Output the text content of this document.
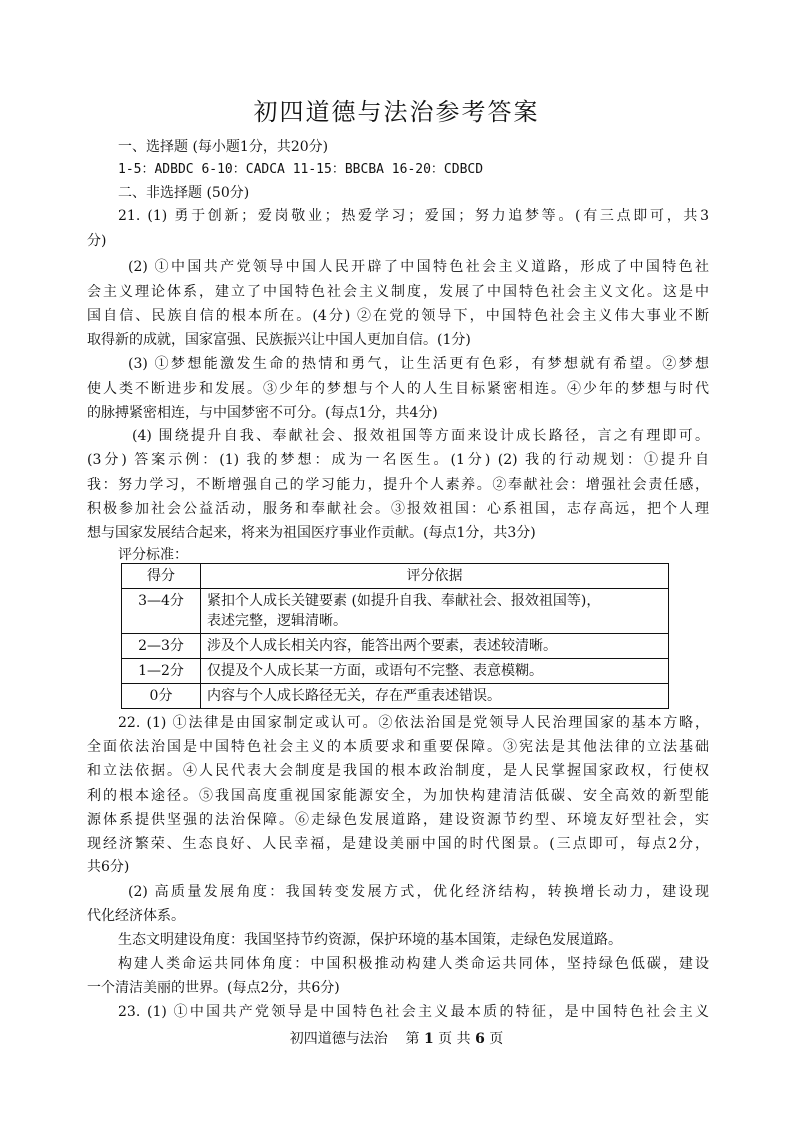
初四道德与法治参考答案
一、选择题 (每小题1分，共20分)
1-5：ADBDC 6-10：CADCA 11-15：BBCBA 16-20：CDBCD
二、非选择题 (50分)
21. (1) 勇于创新；爱岗敬业；热爱学习；爱国；努力追梦等。(有三点即可，共3
分)
(2) ①中国共产党领导中国人民开辟了中国特色社会主义道路，形成了中国特色社
会主义理论体系，建立了中国特色社会主义制度，发展了中国特色社会主义文化。这是中
国自信、民族自信的根本所在。(4分) ②在党的领导下，中国特色社会主义伟大事业不断
取得新的成就，国家富强、民族振兴让中国人更加自信。(1分)
(3) ①梦想能激发生命的热情和勇气，让生活更有色彩，有梦想就有希望。②梦想
使人类不断进步和发展。③少年的梦想与个人的人生目标紧密相连。④少年的梦想与时代
的脉搏紧密相连，与中国梦密不可分。(每点1分，共4分)
(4) 围绕提升自我、奉献社会、报效祖国等方面来设计成长路径，言之有理即可。
(3分) 答案示例：(1) 我的梦想：成为一名医生。(1分) (2) 我的行动规划：①提升自
我：努力学习，不断增强自己的学习能力，提升个人素养。②奉献社会：增强社会责任感，
积极参加社会公益活动，服务和奉献社会。③报效祖国：心系祖国，志存高远，把个人理
想与国家发展结合起来，将来为祖国医疗事业作贡献。(每点1分，共3分)
评分标准：
得分	评分依据
3—4分	紧扣个人成长关键要素 (如提升自我、奉献社会、报效祖国等)，
表述完整，逻辑清晰。

2—3分	涉及个人成长相关内容，能答出两个要素，表述较清晰。
1—2分	仅提及个人成长某一方面，或语句不完整、表意模糊。
0分	内容与个人成长路径无关，存在严重表述错误。
22. (1) ①法律是由国家制定或认可。②依法治国是党领导人民治理国家的基本方略，
全面依法治国是中国特色社会主义的本质要求和重要保障。③宪法是其他法律的立法基础
和立法依据。④人民代表大会制度是我国的根本政治制度，是人民掌握国家政权，行使权
利的根本途径。⑤我国高度重视国家能源安全，为加快构建清洁低碳、安全高效的新型能
源体系提供坚强的法治保障。⑥走绿色发展道路，建设资源节约型、环境友好型社会，实
现经济繁荣、生态良好、人民幸福，是建设美丽中国的时代图景。(三点即可，每点2分，
共6分)
(2) 高质量发展角度：我国转变发展方式，优化经济结构，转换增长动力，建设现
代化经济体系。
生态文明建设角度：我国坚持节约资源，保护环境的基本国策，走绿色发展道路。
构建人类命运共同体角度：中国积极推动构建人类命运共同体，坚持绿色低碳，建设
一个清洁美丽的世界。(每点2分，共6分)
23. (1) ①中国共产党领导是中国特色社会主义最本质的特征，是中国特色社会主义
初四道德与法治 第 1 页 共 6 页
